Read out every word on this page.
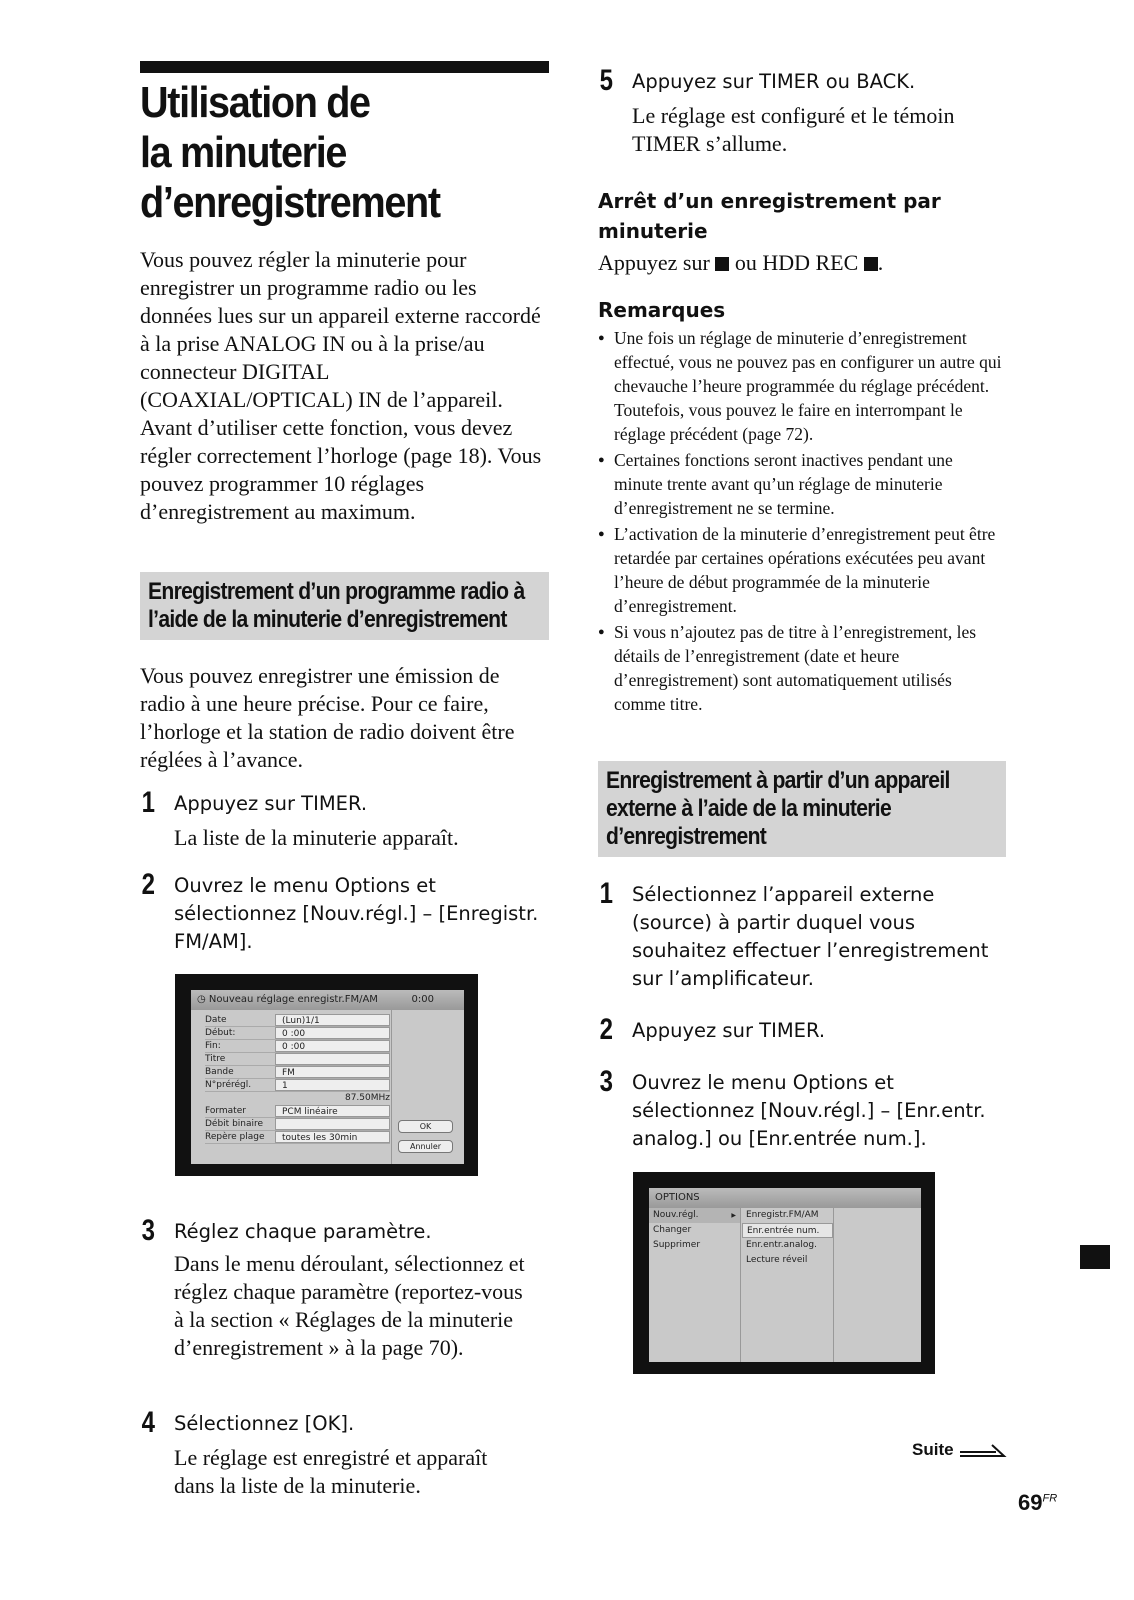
Utilisation de
la minuterie
d’enregistrement

Vous pouvez régler la minuterie pour enregistrer un programme radio ou les données lues sur un appareil externe raccordé à la prise ANALOG IN ou à la prise/au connecteur DIGITAL (COAXIAL/OPTICAL) IN de l’appareil. Avant d’utiliser cette fonction, vous devez régler correctement l’horloge (page 18). Vous pouvez programmer 10 réglages d’enregistrement au maximum.

Enregistrement d’un programme radio à
l’aide de la minuterie d’enregistrement

Vous pouvez enregistrer une émission de radio à une heure précise. Pour ce faire, l’horloge et la station de radio doivent être réglées à l’avance.

1 Appuyez sur TIMER.

La liste de la minuterie apparaît.

2 Ouvrez le menu Options et sélectionnez [Nouv.régl.] – [Enregistr. FM/AM].

◷ Nouveau réglage enregistr.FM/AM	0:00
Date	(Lun)1/1
Début:	0 :00
Fin:	0 :00
Titre
Bande	FM
N°prérégl.	1
87.50MHz
Formater	PCM linéaire
Débit binaire
Repère plage	toutes les 30min
OK
Annuler
3 Réglez chaque paramètre.

Dans le menu déroulant, sélectionnez et réglez chaque paramètre (reportez-vous à la section « Réglages de la minuterie d’enregistrement » à la page 70).

4 Sélectionnez [OK].

Le réglage est enregistré et apparaît dans la liste de la minuterie.

5 Appuyez sur TIMER ou BACK.

Le réglage est configuré et le témoin TIMER s’allume.

Arrêt d’un enregistrement par minuterie

Appuyez sur ou HDD REC .

Remarques
● Une fois un réglage de minuterie d’enregistrement effectué, vous ne pouvez pas en configurer un autre qui chevauche l’heure programmée du réglage précédent. Toutefois, vous pouvez le faire en interrompant le réglage précédent (page 72).
● Certaines fonctions seront inactives pendant une minute trente avant qu’un réglage de minuterie d’enregistrement ne se termine.
● L’activation de la minuterie d’enregistrement peut être retardée par certaines opérations exécutées peu avant l’heure de début programmée de la minuterie d’enregistrement.
● Si vous n’ajoutez pas de titre à l’enregistrement, les détails de l’enregistrement (date et heure d’enregistrement) sont automatiquement utilisés comme titre.
Enregistrement à partir d’un appareil
externe à l’aide de la minuterie
d’enregistrement
1 Sélectionnez l’appareil externe (source) à partir duquel vous souhaitez effectuer l’enregistrement sur l’amplificateur.

2 Appuyez sur TIMER.

3 Ouvrez le menu Options et sélectionnez [Nouv.régl.] – [Enr.entr. analog.] ou [Enr.entrée num.].

OPTIONS
Nouv.régl.	▶
Changer
Supprimer
Enregistr.FM/AM
Enr.entrée num.
Enr.entr.analog.
Lecture réveil
Suite
$69^{FR}$
